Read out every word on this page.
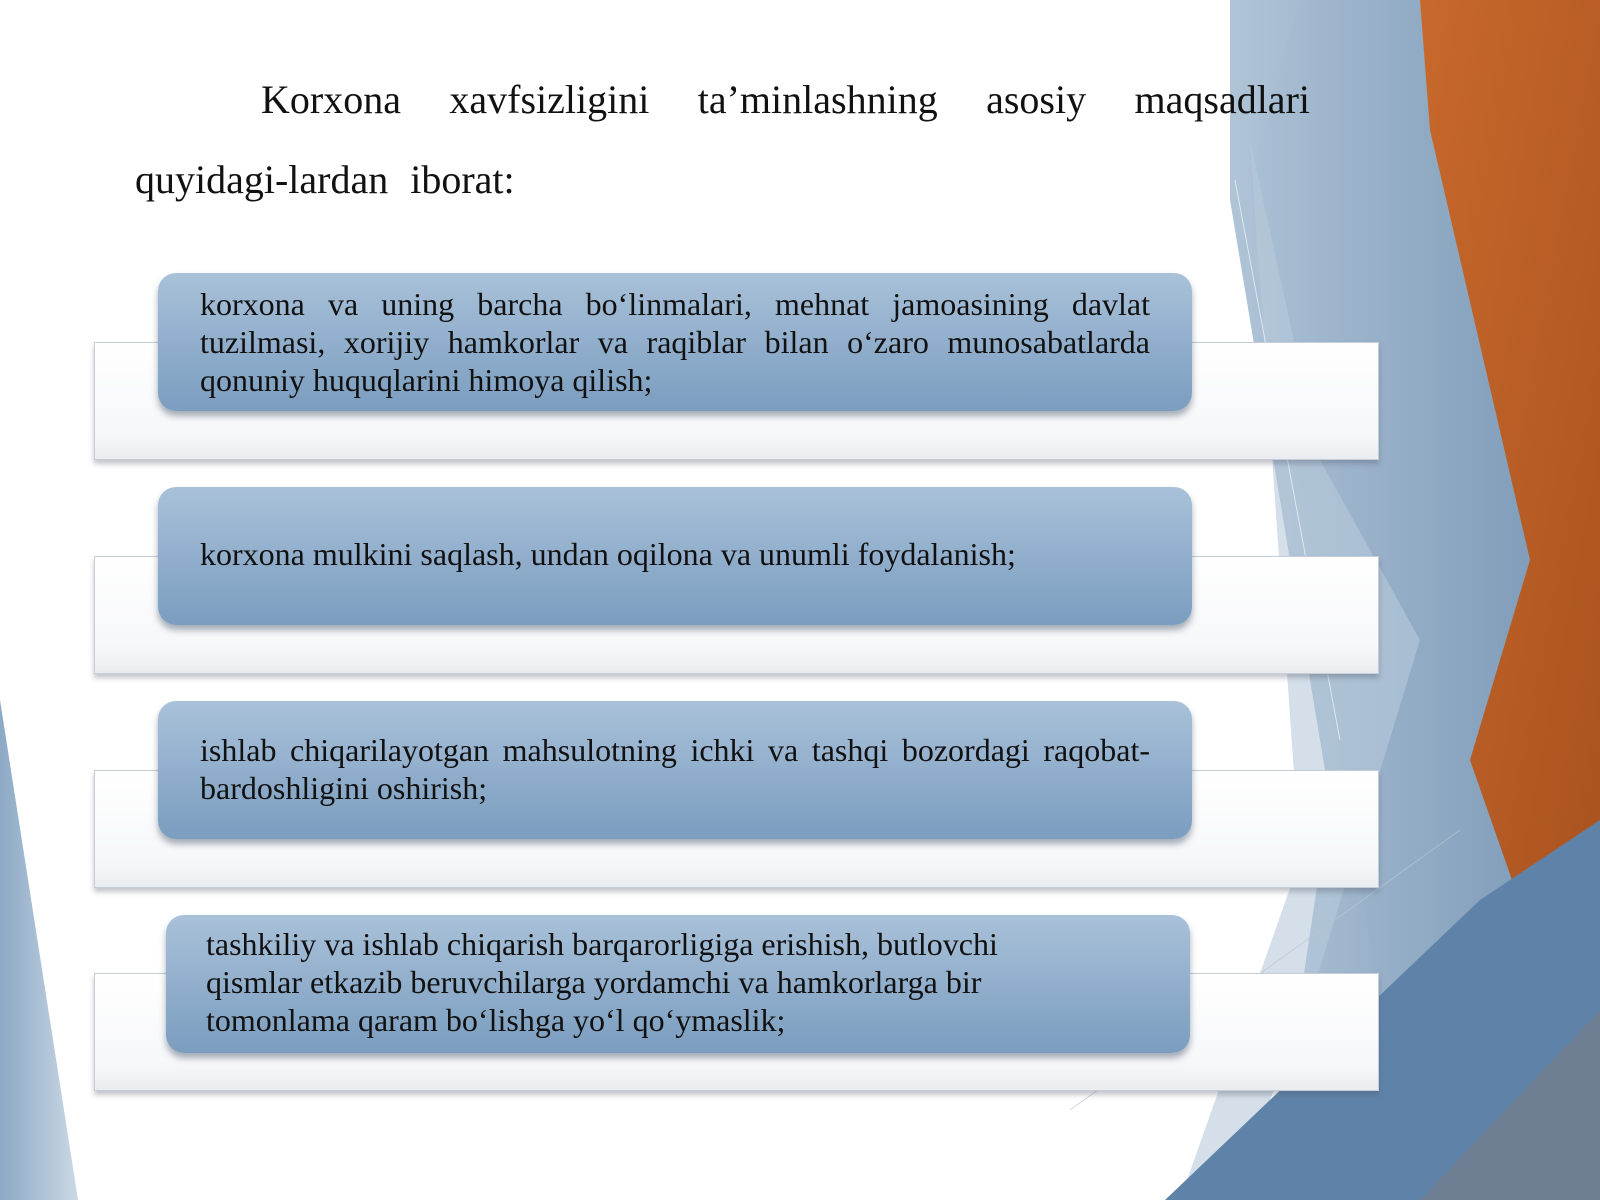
Korxona xavfsizligini ta’minlashning asosiy maqsadlari quyidagi-lardan iborat:
korxona va uning barcha bo‘linmalari, mehnat jamoasining davlat tuzilmasi, xorijiy hamkorlar va raqiblar bilan o‘zaro munosabatlarda qonuniy huquqlarini himoya qilish;
korxona mulkini saqlash, undan oqilona va unumli foydalanish;
ishlab chiqarilayotgan mahsulotning ichki va tashqi bozordagi raqobat-bardoshligini oshirish;
tashkiliy va ishlab chiqarish barqarorligiga erishish, butlovchi qismlar etkazib beruvchilarga yordamchi va hamkorlarga bir tomonlama qaram bo‘lishga yo‘l qo‘ymaslik;
